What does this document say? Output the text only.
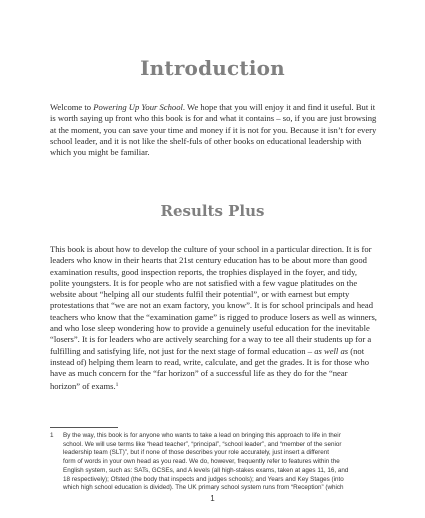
Introduction

Welcome to Powering Up Your School. We hope that you will enjoy it and find it useful. But it is worth saying up front who this book is for and what it contains – so, if you are just browsing at the moment, you can save your time and money if it is not for you. Because it isn’t for every school leader, and it is not like the shelf-fuls of other books on educational leadership with which you might be familiar.

Results Plus

This book is about how to develop the culture of your school in a particular direction. It is for leaders who know in their hearts that 21st century education has to be about more than good examination results, good inspection reports, the trophies displayed in the foyer, and tidy, polite youngsters. It is for people who are not satisfied with a few vague platitudes on the website about “helping all our students fulfil their potential”, or with earnest but empty protestations that “we are not an exam factory, you know”. It is for school principals and head teachers who know that the “examination game” is rigged to produce losers as well as winners, and who lose sleep wondering how to provide a genuinely useful education for the inevitable “losers”. It is for leaders who are actively searching for a way to tee all their students up for a fulfilling and satisfying life, not just for the next stage of formal education – as well as (not instead of) helping them learn to read, write, calculate, and get the grades. It is for those who have as much concern for the “far horizon” of a successful life as they do for the “near horizon” of exams.$^1$

1 By the way, this book is for anyone who wants to take a lead on bringing this approach to life in their
school. We will use terms like “head teacher”, “principal”, “school leader”, and “member of the senior
leadership team (SLT)”, but if none of those describes your role accurately, just insert a different
form of words in your own head as you read. We do, however, frequently refer to features within the
English system, such as: SATs, GCSEs, and A levels (all high-stakes exams, taken at ages 11, 16, and
18 respectively); Ofsted (the body that inspects and judges schools); and Years and Key Stages (into
which high school education is divided). The UK primary school system runs from “Reception” (which

1
